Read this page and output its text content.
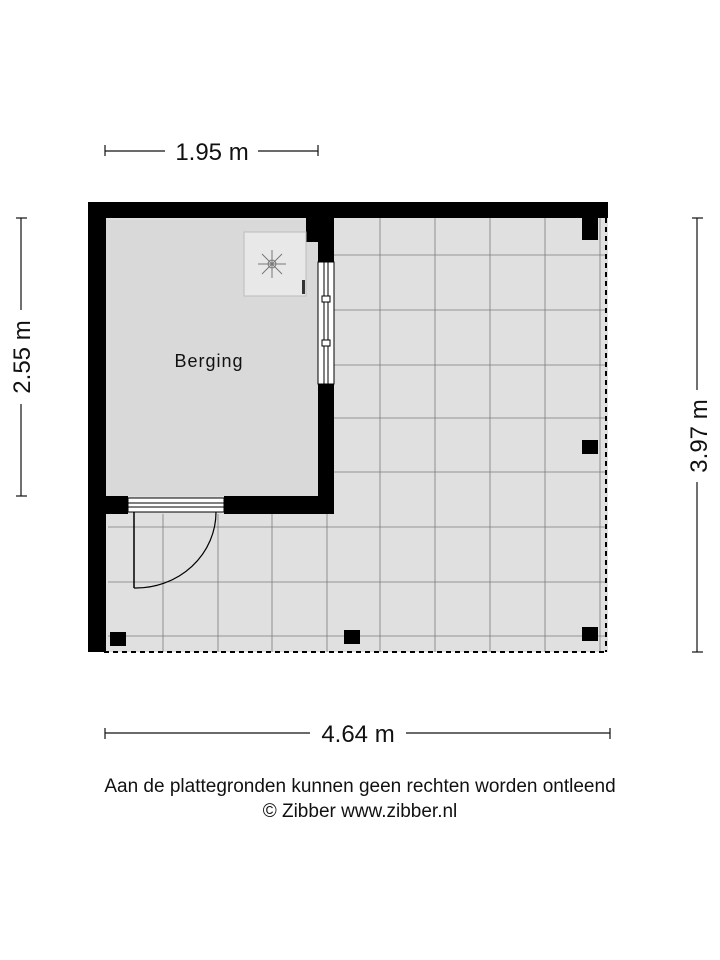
Berging
1.95 m
2.55 m
3.97 m
4.64 m
Aan de plattegronden kunnen geen rechten worden ontleend
© Zibber www.zibber.nl
